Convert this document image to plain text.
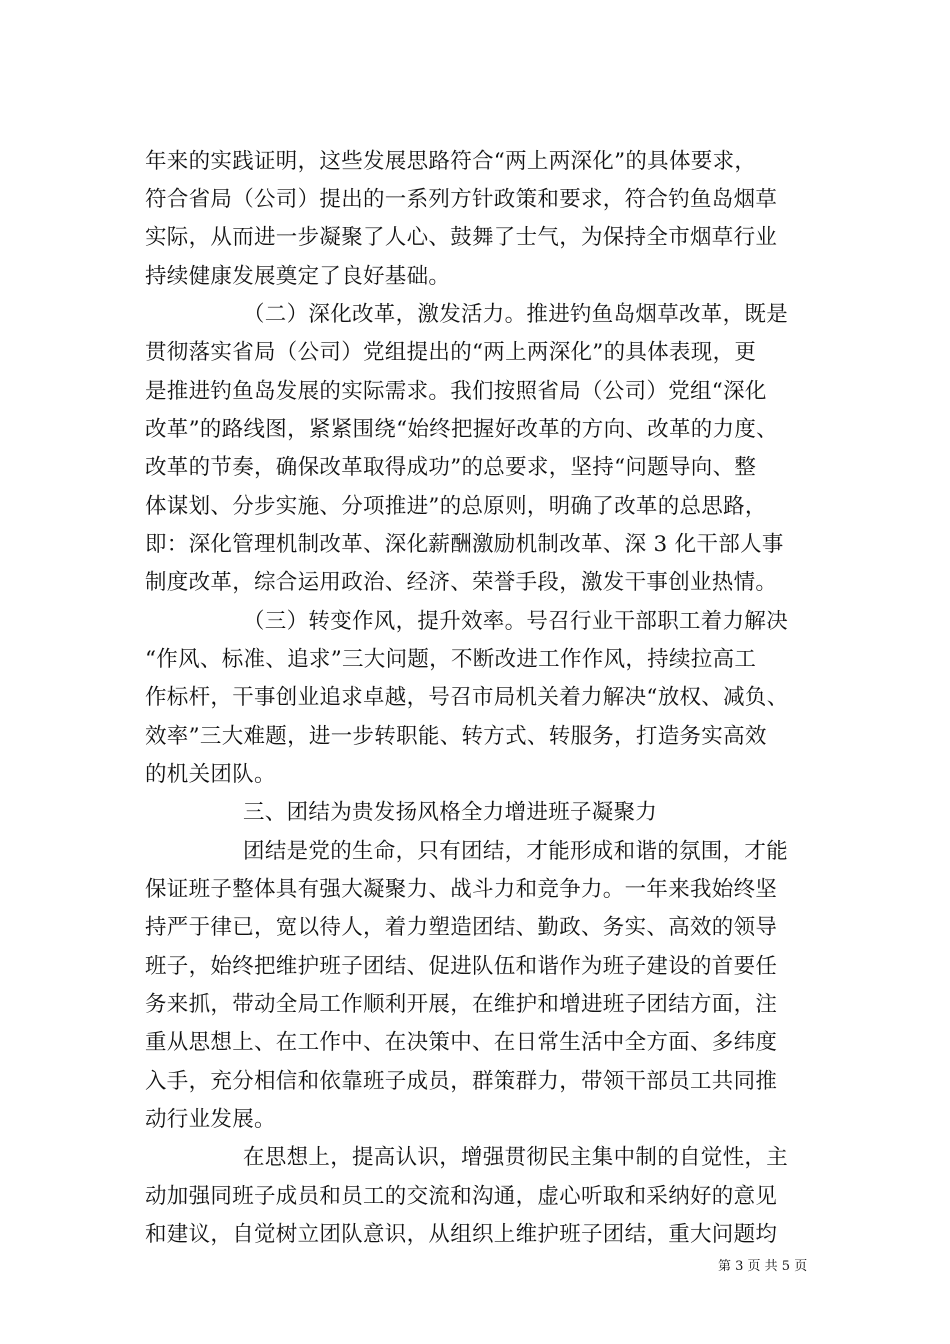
年来的实践证明，这些发展思路符合“两上两深化”的具体要求，
符合省局（公司）提出的一系列方针政策和要求，符合钓鱼岛烟草
实际，从而进一步凝聚了人心、鼓舞了士气，为保持全市烟草行业
持续健康发展奠定了良好基础。
（二）深化改革，激发活力。推进钓鱼岛烟草改革，既是
贯彻落实省局（公司）党组提出的“两上两深化”的具体表现，更
是推进钓鱼岛发展的实际需求。我们按照省局（公司）党组“深化
改革”的路线图，紧紧围绕“始终把握好改革的方向、改革的力度、
改革的节奏，确保改革取得成功”的总要求，坚持“问题导向、整
体谋划、分步实施、分项推进”的总原则，明确了改革的总思路，
即：深化管理机制改革、深化薪酬激励机制改革、深 3 化干部人事
制度改革，综合运用政治、经济、荣誉手段，激发干事创业热情。
（三）转变作风，提升效率。号召行业干部职工着力解决
“作风、标准、追求”三大问题，不断改进工作作风，持续拉高工
作标杆，干事创业追求卓越，号召市局机关着力解决“放权、减负、
效率”三大难题，进一步转职能、转方式、转服务，打造务实高效
的机关团队。
三、团结为贵发扬风格全力增进班子凝聚力
团结是党的生命，只有团结，才能形成和谐的氛围，才能
保证班子整体具有强大凝聚力、战斗力和竞争力。一年来我始终坚
持严于律已，宽以待人，着力塑造团结、勤政、务实、高效的领导
班子，始终把维护班子团结、促进队伍和谐作为班子建设的首要任
务来抓，带动全局工作顺利开展，在维护和增进班子团结方面，注
重从思想上、在工作中、在决策中、在日常生活中全方面、多纬度
入手，充分相信和依靠班子成员，群策群力，带领干部员工共同推
动行业发展。
在思想上，提高认识，增强贯彻民主集中制的自觉性，主
动加强同班子成员和员工的交流和沟通，虚心听取和采纳好的意见
和建议，自觉树立团队意识，从组织上维护班子团结，重大问题均
第 3 页 共 5 页
